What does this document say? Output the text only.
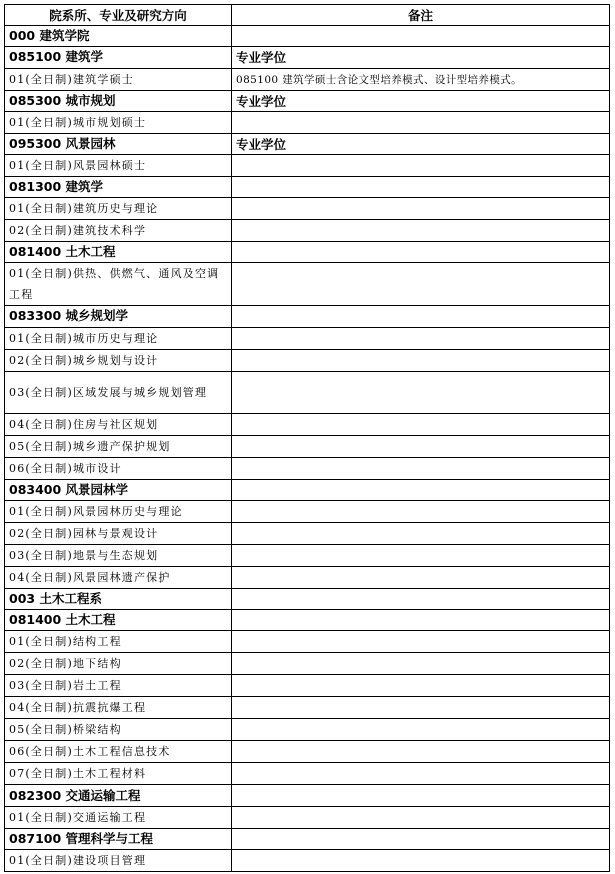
院系所、专业及研究方向	备注
000 建筑学院	
085100 建筑学	专业学位
01(全日制)建筑学硕士	085100 建筑学硕士含论文型培养模式、设计型培养模式。
085300 城市规划	专业学位
01(全日制)城市规划硕士	
095300 风景园林	专业学位
01(全日制)风景园林硕士	
081300 建筑学	
01(全日制)建筑历史与理论	
02(全日制)建筑技术科学	
081400 土木工程	
01(全日制)供热、供燃气、通风及空调工程	
083300 城乡规划学	
01(全日制)城市历史与理论	
02(全日制)城乡规划与设计	
03(全日制)区域发展与城乡规划管理	
04(全日制)住房与社区规划	
05(全日制)城乡遗产保护规划	
06(全日制)城市设计	
083400 风景园林学	
01(全日制)风景园林历史与理论	
02(全日制)园林与景观设计	
03(全日制)地景与生态规划	
04(全日制)风景园林遗产保护	
003 土木工程系	
081400 土木工程	
01(全日制)结构工程	
02(全日制)地下结构	
03(全日制)岩土工程	
04(全日制)抗震抗爆工程	
05(全日制)桥梁结构	
06(全日制)土木工程信息技术	
07(全日制)土木工程材料	
082300 交通运输工程	
01(全日制)交通运输工程	
087100 管理科学与工程	
01(全日制)建设项目管理	
